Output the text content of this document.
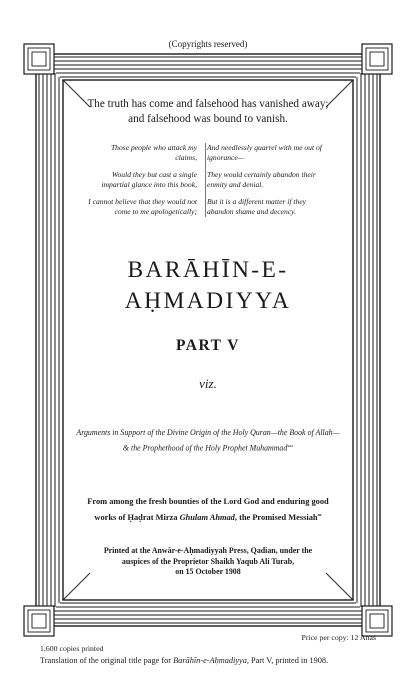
(Copyrights reserved)
The truth has come and falsehood has vanished away;
and falsehood was bound to vanish.
Those people who attack my claims,
And needlessly quarrel with me out of ignorance—
Would they but cast a single impartial glance into this book,
They would certainly abandon their enmity and denial.
I cannot believe that they would not come to me apologetically;
But it is a different matter if they abandon shame and decency.
BARĀHĪN-E-
AḤMADIYYA
PART V
viz.
Arguments in Support of the Divine Origin of the Holy Quran—the Book of Allah—
& the Prophethood of the Holy Prophet Muhammad$^{sas}$
From among the fresh bounties of the Lord God and enduring good
works of Ḥaḍrat Mirza Ghulam Ahmad, the Promised Messiah$^{as}$
Printed at the Anwār-e-Aḥmadiyyah Press, Qadian, under the
auspices of the Proprietor Shaikh Yaqub Ali Turab,
on 15 October 1908
1,600 copies printed
Price per copy: 12 Anas
Translation of the original title page for Barāhīn-e-Aḥmadiyya, Part V, printed in 1908.
